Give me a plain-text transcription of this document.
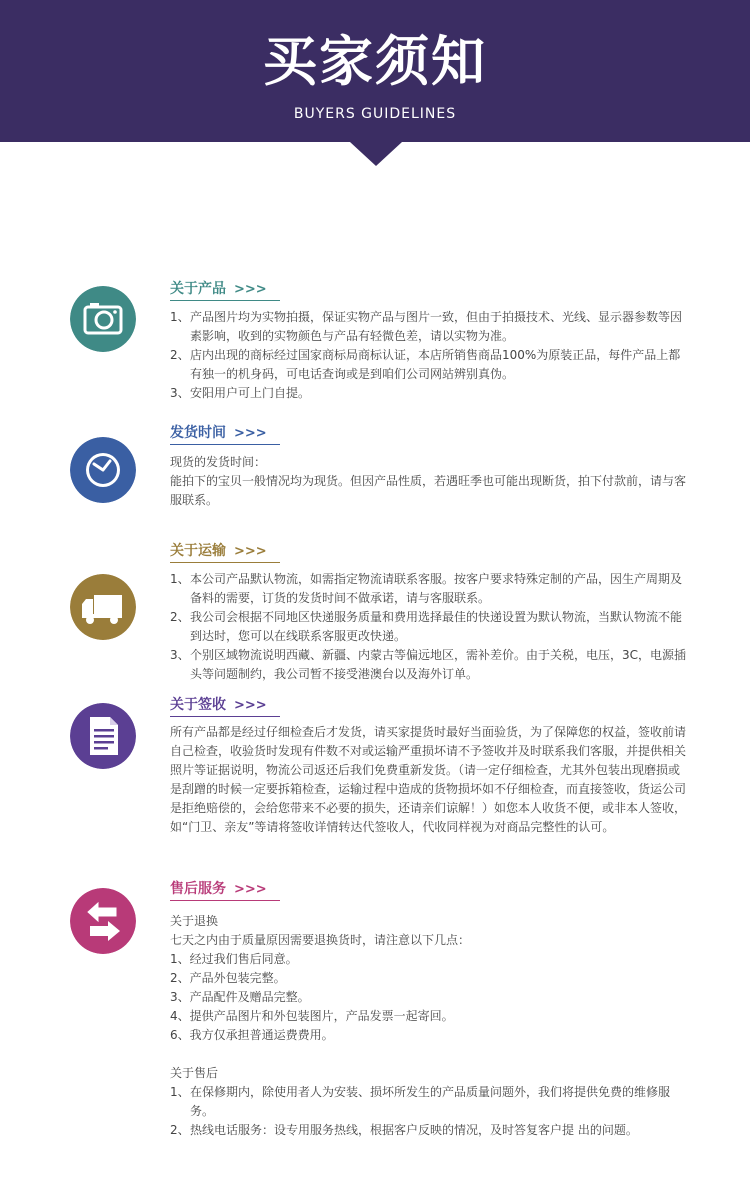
买家须知
BUYERS GUIDELINES
关于产品 >>>
1、 产品图片均为实物拍摄，保证实物产品与图片一致，但由于拍摄技术、光线、显示器参数等因素影响，收到的实物颜色与产品有轻微色差，请以实物为准。
2、 店内出现的商标经过国家商标局商标认证，本店所销售商品100%为原装正品，每件产品上都有独一的机身码，可电话查询或是到咱们公司网站辨别真伪。
3、 安阳用户可上门自提。
发货时间 >>>
现货的发货时间：
能拍下的宝贝一般情况均为现货。但因产品性质，若遇旺季也可能出现断货，拍下付款前，请与客服联系。
关于运输 >>>
1、 本公司产品默认物流，如需指定物流请联系客服。按客户要求特殊定制的产品，因生产周期及备料的需要，订货的发货时间不做承诺，请与客服联系。
2、 我公司会根据不同地区快递服务质量和费用选择最佳的快递设置为默认物流，当默认物流不能到达时，您可以在线联系客服更改快递。
3、 个别区域物流说明西藏、新疆、内蒙古等偏远地区，需补差价。由于关税，电压，3C，电源插头等问题制约，我公司暂不接受港澳台以及海外订单。
关于签收 >>>
所有产品都是经过仔细检查后才发货，请买家提货时最好当面验货，为了保障您的权益，签收前请自己检查，收验货时发现有件数不对或运输严重损坏请不予签收并及时联系我们客服，并提供相关照片等证据说明，物流公司返还后我们免费重新发货。（请一定仔细检查，尤其外包装出现磨损或是刮蹭的时候一定要拆箱检查，运输过程中造成的货物损坏如不仔细检查，而直接签收，货运公司是拒绝赔偿的，会给您带来不必要的损失，还请亲们谅解！）如您本人收货不便，或非本人签收，如“门卫、亲友”等请将签收详情转达代签收人，代收同样视为对商品完整性的认可。
售后服务 >>>
关于退换
七天之内由于质量原因需要退换货时，请注意以下几点：
1、经过我们售后同意。
2、产品外包装完整。
3、产品配件及赠品完整。
4、提供产品图片和外包装图片，产品发票一起寄回。
6、我方仅承担普通运费费用。
关于售后
1、 在保修期内，除使用者人为安装、损坏所发生的产品质量问题外，我们将提供免费的维修服务。
2、 热线电话服务：设专用服务热线，根据客户反映的情况，及时答复客户提 出的问题。
